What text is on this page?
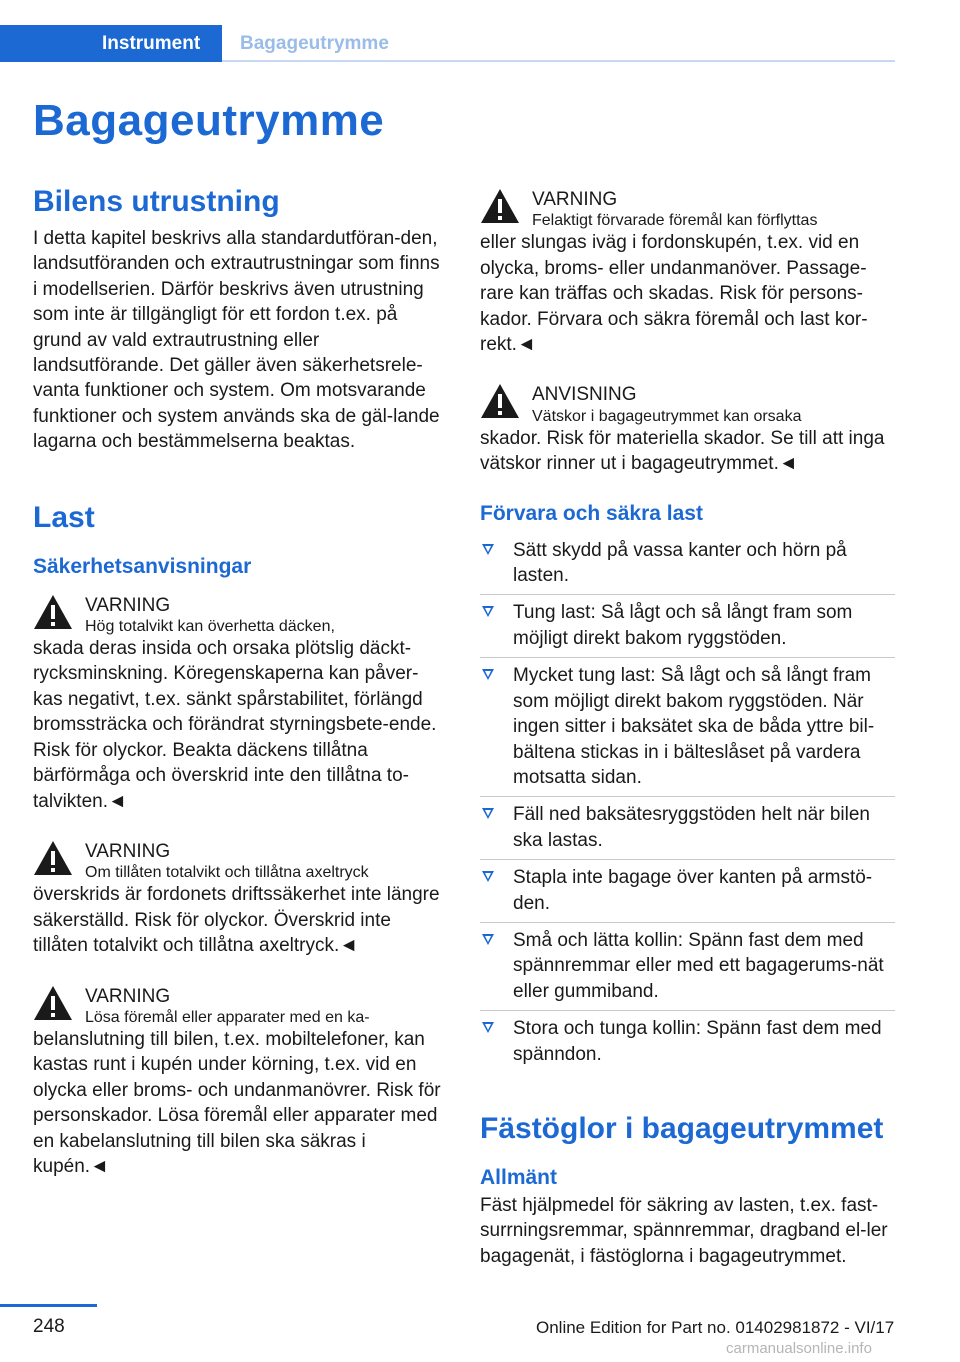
Instrument	Bagageutrymme
Bagageutrymme
Bilens utrustning

I detta kapitel beskrivs alla standardutföran-den, landsutföranden och extrautrustningar som finns i modellserien. Därför beskrivs även utrustning som inte är tillgängligt för ett fordon t.ex. på grund av vald extrautrustning eller landsutförande. Det gäller även säkerhetsrele-vanta funktioner och system. Om motsvarande funktioner och system används ska de gäl-lande lagarna och bestämmelserna beaktas.

Last
Säkerhetsanvisningar
VARNING
Hög totalvikt kan överhetta däcken,

skada deras insida och orsaka plötslig däckt-rycksminskning. Köregenskaperna kan påver-kas negativt, t.ex. sänkt spårstabilitet, förlängd bromssträcka och förändrat styrningsbete-ende. Risk för olyckor. Beakta däckens tillåtna bärförmåga och överskrid inte den tillåtna to-talvikten.◄

VARNING
Om tillåten totalvikt och tillåtna axeltryck

överskrids är fordonets driftssäkerhet inte längre säkerställd. Risk för olyckor. Överskrid inte tillåten totalvikt och tillåtna axeltryck.◄

VARNING
Lösa föremål eller apparater med en ka-

belanslutning till bilen, t.ex. mobiltelefoner, kan kastas runt i kupén under körning, t.ex. vid en olycka eller broms- och undanmanövrer. Risk för personskador. Lösa föremål eller apparater med en kabelanslutning till bilen ska säkras i kupén.◄

VARNING
Felaktigt förvarade föremål kan förflyttas

eller slungas iväg i fordonskupén, t.ex. vid en olycka, broms- eller undanmanöver. Passage-rare kan träffas och skadas. Risk för persons-kador. Förvara och säkra föremål och last kor-rekt.◄

ANVISNING
Vätskor i bagageutrymmet kan orsaka

skador. Risk för materiella skador. Se till att inga vätskor rinner ut i bagageutrymmet.◄

Förvara och säkra last
Sätt skydd på vassa kanter och hörn på lasten.
Tung last: Så lågt och så långt fram som möjligt direkt bakom ryggstöden.
Mycket tung last: Så lågt och så långt fram som möjligt direkt bakom ryggstöden. När ingen sitter i baksätet ska de båda yttre bil-bältena stickas in i bälteslåset på vardera motsatta sidan.
Fäll ned baksätesryggstöden helt när bilen ska lastas.
Stapla inte bagage över kanten på armstö-den.
Små och lätta kollin: Spänn fast dem med spännremmar eller med ett bagagerums-nät eller gummiband.
Stora och tunga kollin: Spänn fast dem med spänndon.
Fästöglor i bagageutrymmet
Allmänt

Fäst hjälpmedel för säkring av lasten, t.ex. fast-surrningsremmar, spännremmar, dragband el-ler bagagenät, i fästöglorna i bagageutrymmet.

248	Online Edition for Part no. 01402981872 - VI/17
carmanualsonline.info
